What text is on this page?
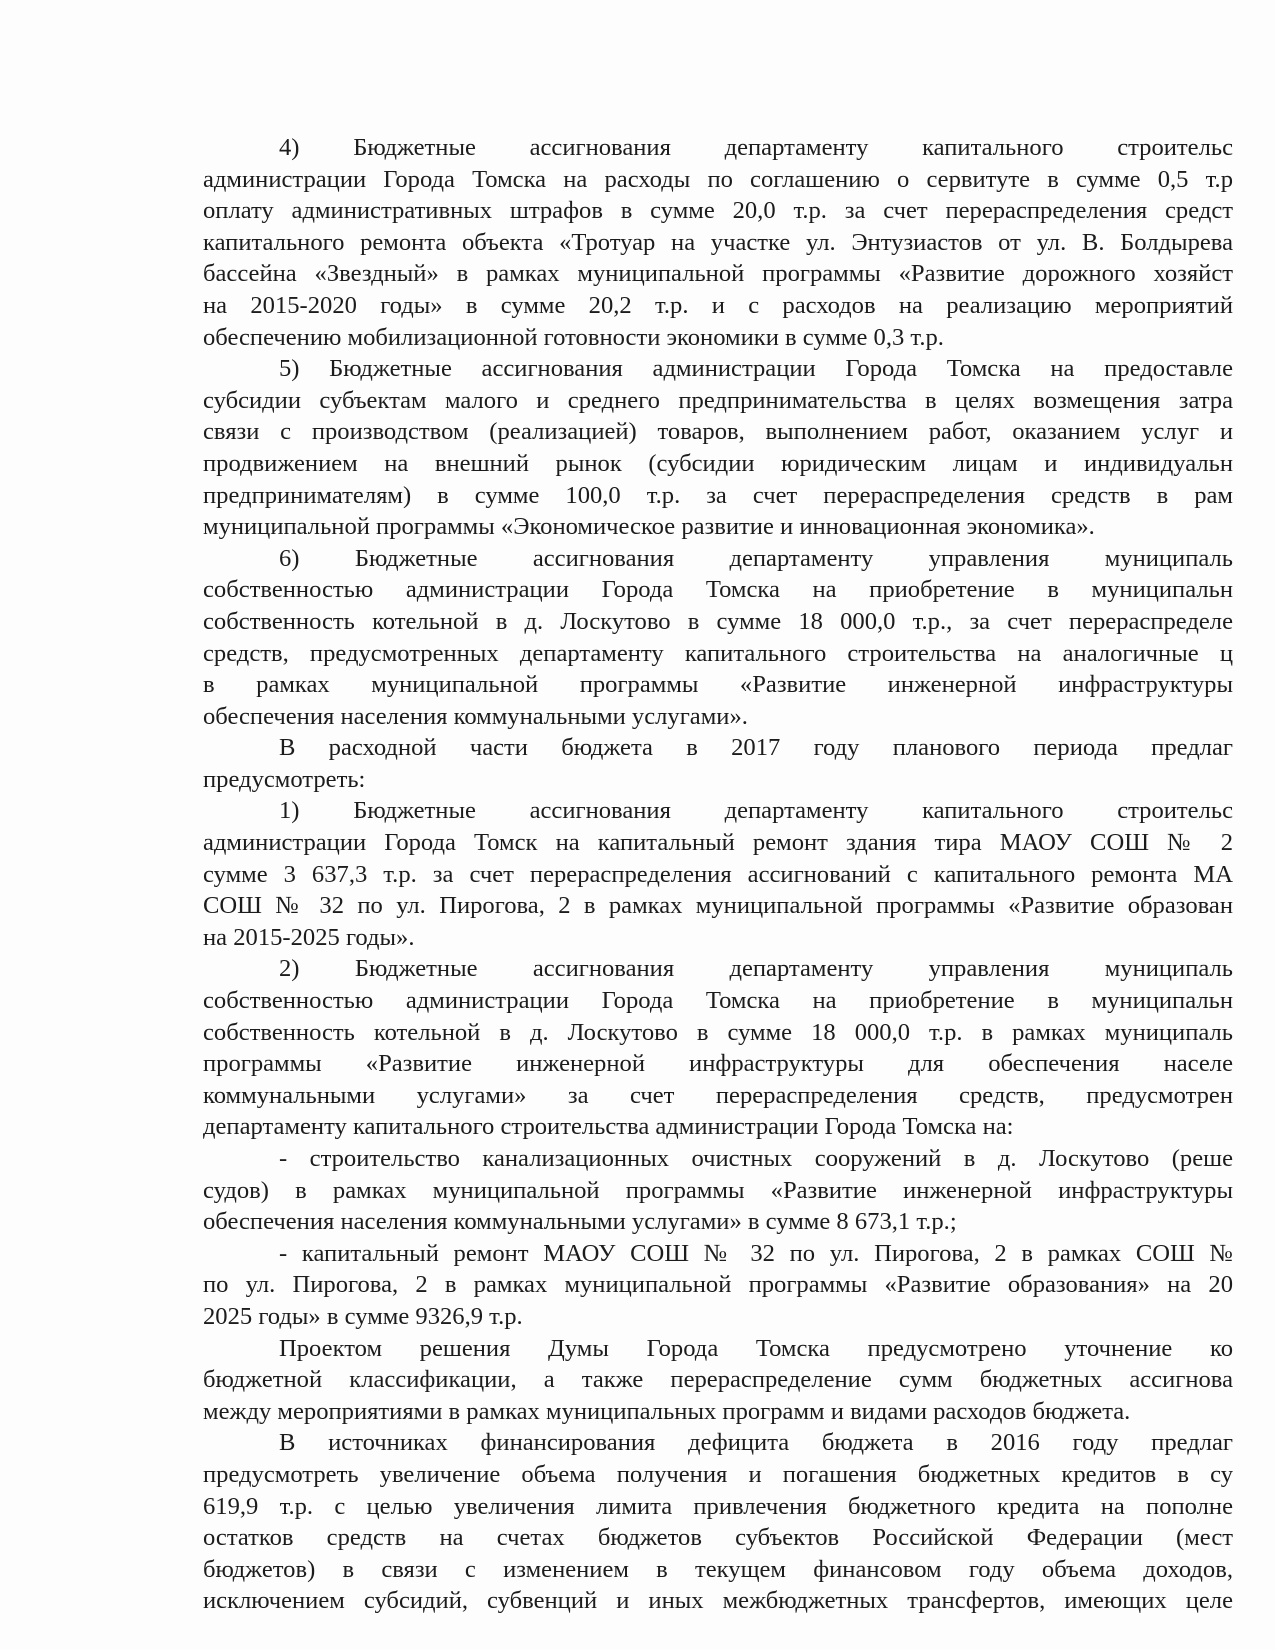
4) Бюджетные ассигнования департаменту капитального строительс
администрации Города Томска на расходы по соглашению о сервитуте в сумме 0,5 т.р
оплату административных штрафов в сумме 20,0 т.р. за счет перераспределения средст
капитального ремонта объекта «Тротуар на участке ул. Энтузиастов от ул. В. Болдырева
бассейна «Звездный» в рамках муниципальной программы «Развитие дорожного хозяйст
на 2015-2020 годы» в сумме 20,2 т.р. и с расходов на реализацию мероприятий
обеспечению мобилизационной готовности экономики в сумме 0,3 т.р.
5) Бюджетные ассигнования администрации Города Томска на предоставле
субсидии субъектам малого и среднего предпринимательства в целях возмещения затра
связи с производством (реализацией) товаров, выполнением работ, оказанием услуг и
продвижением на внешний рынок (субсидии юридическим лицам и индивидуальн
предпринимателям) в сумме 100,0 т.р. за счет перераспределения средств в рам
муниципальной программы «Экономическое развитие и инновационная экономика».
6) Бюджетные ассигнования департаменту управления муниципаль
собственностью администрации Города Томска на приобретение в муниципальн
собственность котельной в д. Лоскутово в сумме 18 000,0 т.р., за счет перераспределе
средств, предусмотренных департаменту капитального строительства на аналогичные ц
в рамках муниципальной программы «Развитие инженерной инфраструктуры
обеспечения населения коммунальными услугами».
В расходной части бюджета в 2017 году планового периода предлаг
предусмотреть:
1) Бюджетные ассигнования департаменту капитального строительс
администрации Города Томск на капитальный ремонт здания тира МАОУ СОШ № 2
сумме 3 637,3 т.р. за счет перераспределения ассигнований с капитального ремонта МА
СОШ № 32 по ул. Пирогова, 2 в рамках муниципальной программы «Развитие образован
на 2015-2025 годы».
2) Бюджетные ассигнования департаменту управления муниципаль
собственностью администрации Города Томска на приобретение в муниципальн
собственность котельной в д. Лоскутово в сумме 18 000,0 т.р. в рамках муниципаль
программы «Развитие инженерной инфраструктуры для обеспечения населе
коммунальными услугами» за счет перераспределения средств, предусмотрен
департаменту капитального строительства администрации Города Томска на:
- строительство канализационных очистных сооружений в д. Лоскутово (реше
судов) в рамках муниципальной программы «Развитие инженерной инфраструктуры
обеспечения населения коммунальными услугами» в сумме 8 673,1 т.р.;
- капитальный ремонт МАОУ СОШ № 32 по ул. Пирогова, 2 в рамках СОШ №
по ул. Пирогова, 2 в рамках муниципальной программы «Развитие образования» на 20
2025 годы» в сумме 9326,9 т.р.
Проектом решения Думы Города Томска предусмотрено уточнение ко
бюджетной классификации, а также перераспределение сумм бюджетных ассигнова
между мероприятиями в рамках муниципальных программ и видами расходов бюджета.
В источниках финансирования дефицита бюджета в 2016 году предлаг
предусмотреть увеличение объема получения и погашения бюджетных кредитов в су
619,9 т.р. с целью увеличения лимита привлечения бюджетного кредита на пополне
остатков средств на счетах бюджетов субъектов Российской Федерации (мест
бюджетов) в связи с изменением в текущем финансовом году объема доходов,
исключением субсидий, субвенций и иных межбюджетных трансфертов, имеющих целе
